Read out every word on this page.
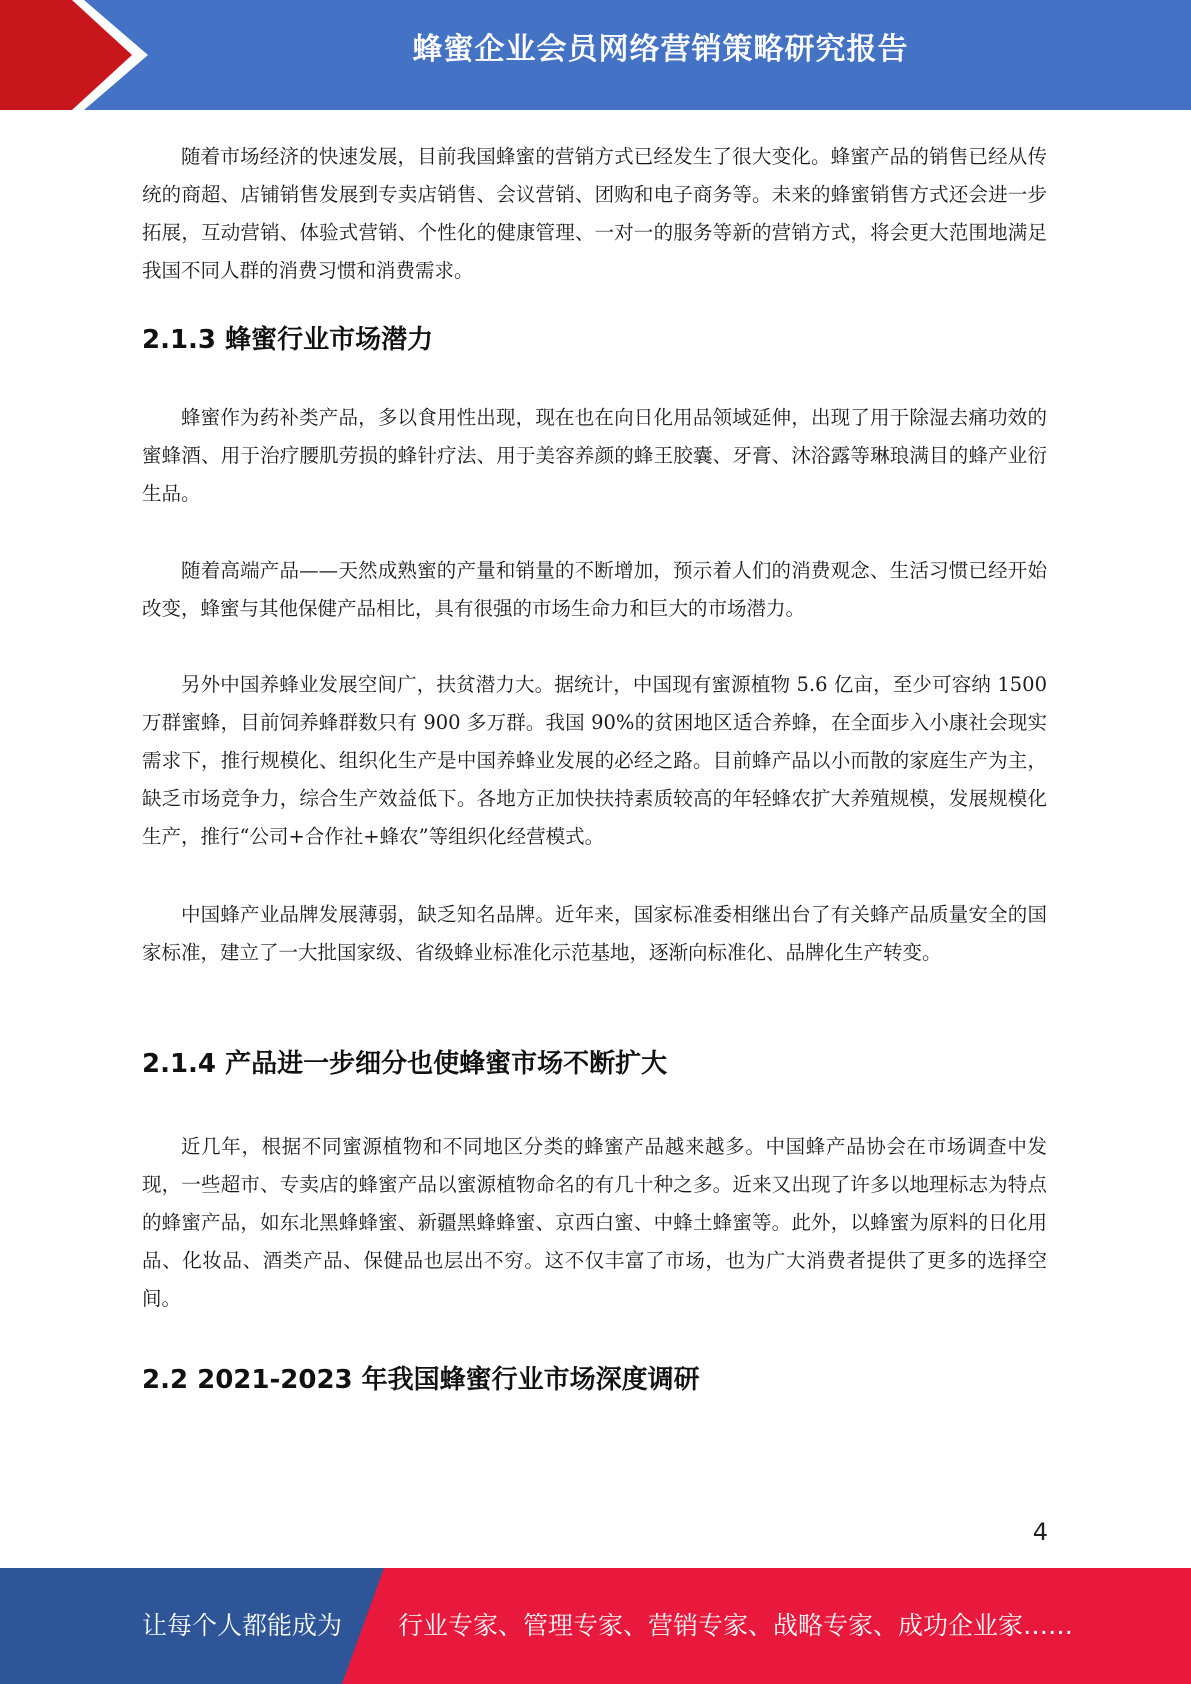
蜂蜜企业会员网络营销策略研究报告

随着市场经济的快速发展，目前我国蜂蜜的营销方式已经发生了很大变化。蜂蜜产品的销售已经从传统的商超、店铺销售发展到专卖店销售、会议营销、团购和电子商务等。未来的蜂蜜销售方式还会进一步拓展，互动营销、体验式营销、个性化的健康管理、一对一的服务等新的营销方式，将会更大范围地满足我国不同人群的消费习惯和消费需求。

2.1.3 蜂蜜行业市场潜力

蜂蜜作为药补类产品，多以食用性出现，现在也在向日化用品领域延伸，出现了用于除湿去痛功效的蜜蜂酒、用于治疗腰肌劳损的蜂针疗法、用于美容养颜的蜂王胶囊、牙膏、沐浴露等琳琅满目的蜂产业衍生品。

随着高端产品——天然成熟蜜的产量和销量的不断增加，预示着人们的消费观念、生活习惯已经开始改变，蜂蜜与其他保健产品相比，具有很强的市场生命力和巨大的市场潜力。

另外中国养蜂业发展空间广，扶贫潜力大。据统计，中国现有蜜源植物 5.6 亿亩，至少可容纳 1500 万群蜜蜂，目前饲养蜂群数只有 900 多万群。我国 90%的贫困地区适合养蜂，在全面步入小康社会现实需求下，推行规模化、组织化生产是中国养蜂业发展的必经之路。目前蜂产品以小而散的家庭生产为主，缺乏市场竞争力，综合生产效益低下。各地方正加快扶持素质较高的年轻蜂农扩大养殖规模，发展规模化生产，推行“公司+合作社+蜂农”等组织化经营模式。

中国蜂产业品牌发展薄弱，缺乏知名品牌。近年来，国家标准委相继出台了有关蜂产品质量安全的国家标准，建立了一大批国家级、省级蜂业标准化示范基地，逐渐向标准化、品牌化生产转变。

2.1.4 产品进一步细分也使蜂蜜市场不断扩大

近几年，根据不同蜜源植物和不同地区分类的蜂蜜产品越来越多。中国蜂产品协会在市场调查中发现，一些超市、专卖店的蜂蜜产品以蜜源植物命名的有几十种之多。近来又出现了许多以地理标志为特点的蜂蜜产品，如东北黑蜂蜂蜜、新疆黑蜂蜂蜜、京西白蜜、中蜂土蜂蜜等。此外，以蜂蜜为原料的日化用品、化妆品、酒类产品、保健品也层出不穷。这不仅丰富了市场，也为广大消费者提供了更多的选择空间。

2.2 2021-2023 年我国蜂蜜行业市场深度调研
4
让每个人都能成为 行业专家、管理专家、营销专家、战略专家、成功企业家……
